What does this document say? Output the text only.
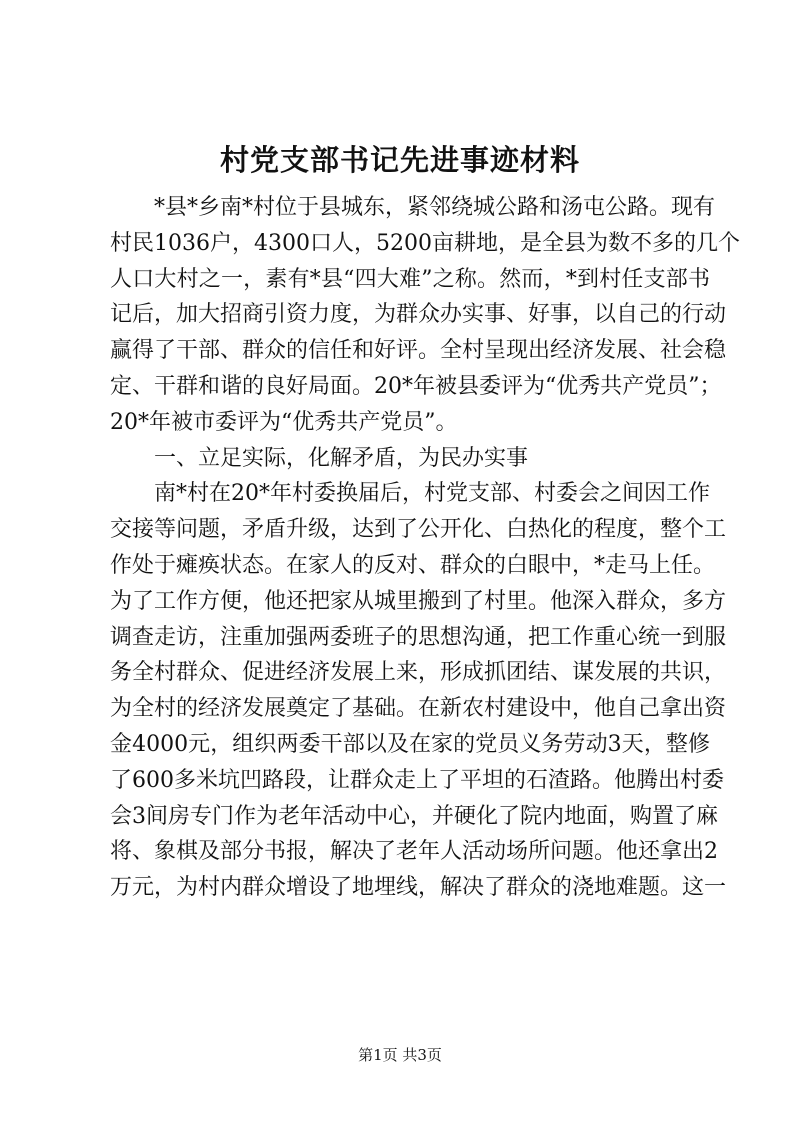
村党支部书记先进事迹材料
*县*乡南*村位于县城东，紧邻绕城公路和汤屯公路。现有
村民1036户，4300口人，5200亩耕地，是全县为数不多的几个
人口大村之一，素有*县“四大难”之称。然而，*到村任支部书
记后，加大招商引资力度，为群众办实事、好事，以自己的行动
赢得了干部、群众的信任和好评。全村呈现出经济发展、社会稳
定、干群和谐的良好局面。20*年被县委评为“优秀共产党员”；
20*年被市委评为“优秀共产党员”。
一、立足实际，化解矛盾，为民办实事
南*村在20*年村委换届后，村党支部、村委会之间因工作
交接等问题，矛盾升级，达到了公开化、白热化的程度，整个工
作处于瘫痪状态。在家人的反对、群众的白眼中，*走马上任。
为了工作方便，他还把家从城里搬到了村里。他深入群众，多方
调查走访，注重加强两委班子的思想沟通，把工作重心统一到服
务全村群众、促进经济发展上来，形成抓团结、谋发展的共识，
为全村的经济发展奠定了基础。在新农村建设中，他自己拿出资
金4000元，组织两委干部以及在家的党员义务劳动3天，整修
了600多米坑凹路段，让群众走上了平坦的石渣路。他腾出村委
会3间房专门作为老年活动中心，并硬化了院内地面，购置了麻
将、象棋及部分书报，解决了老年人活动场所问题。他还拿出2
万元，为村内群众增设了地埋线，解决了群众的浇地难题。这一
第1页 共3页
